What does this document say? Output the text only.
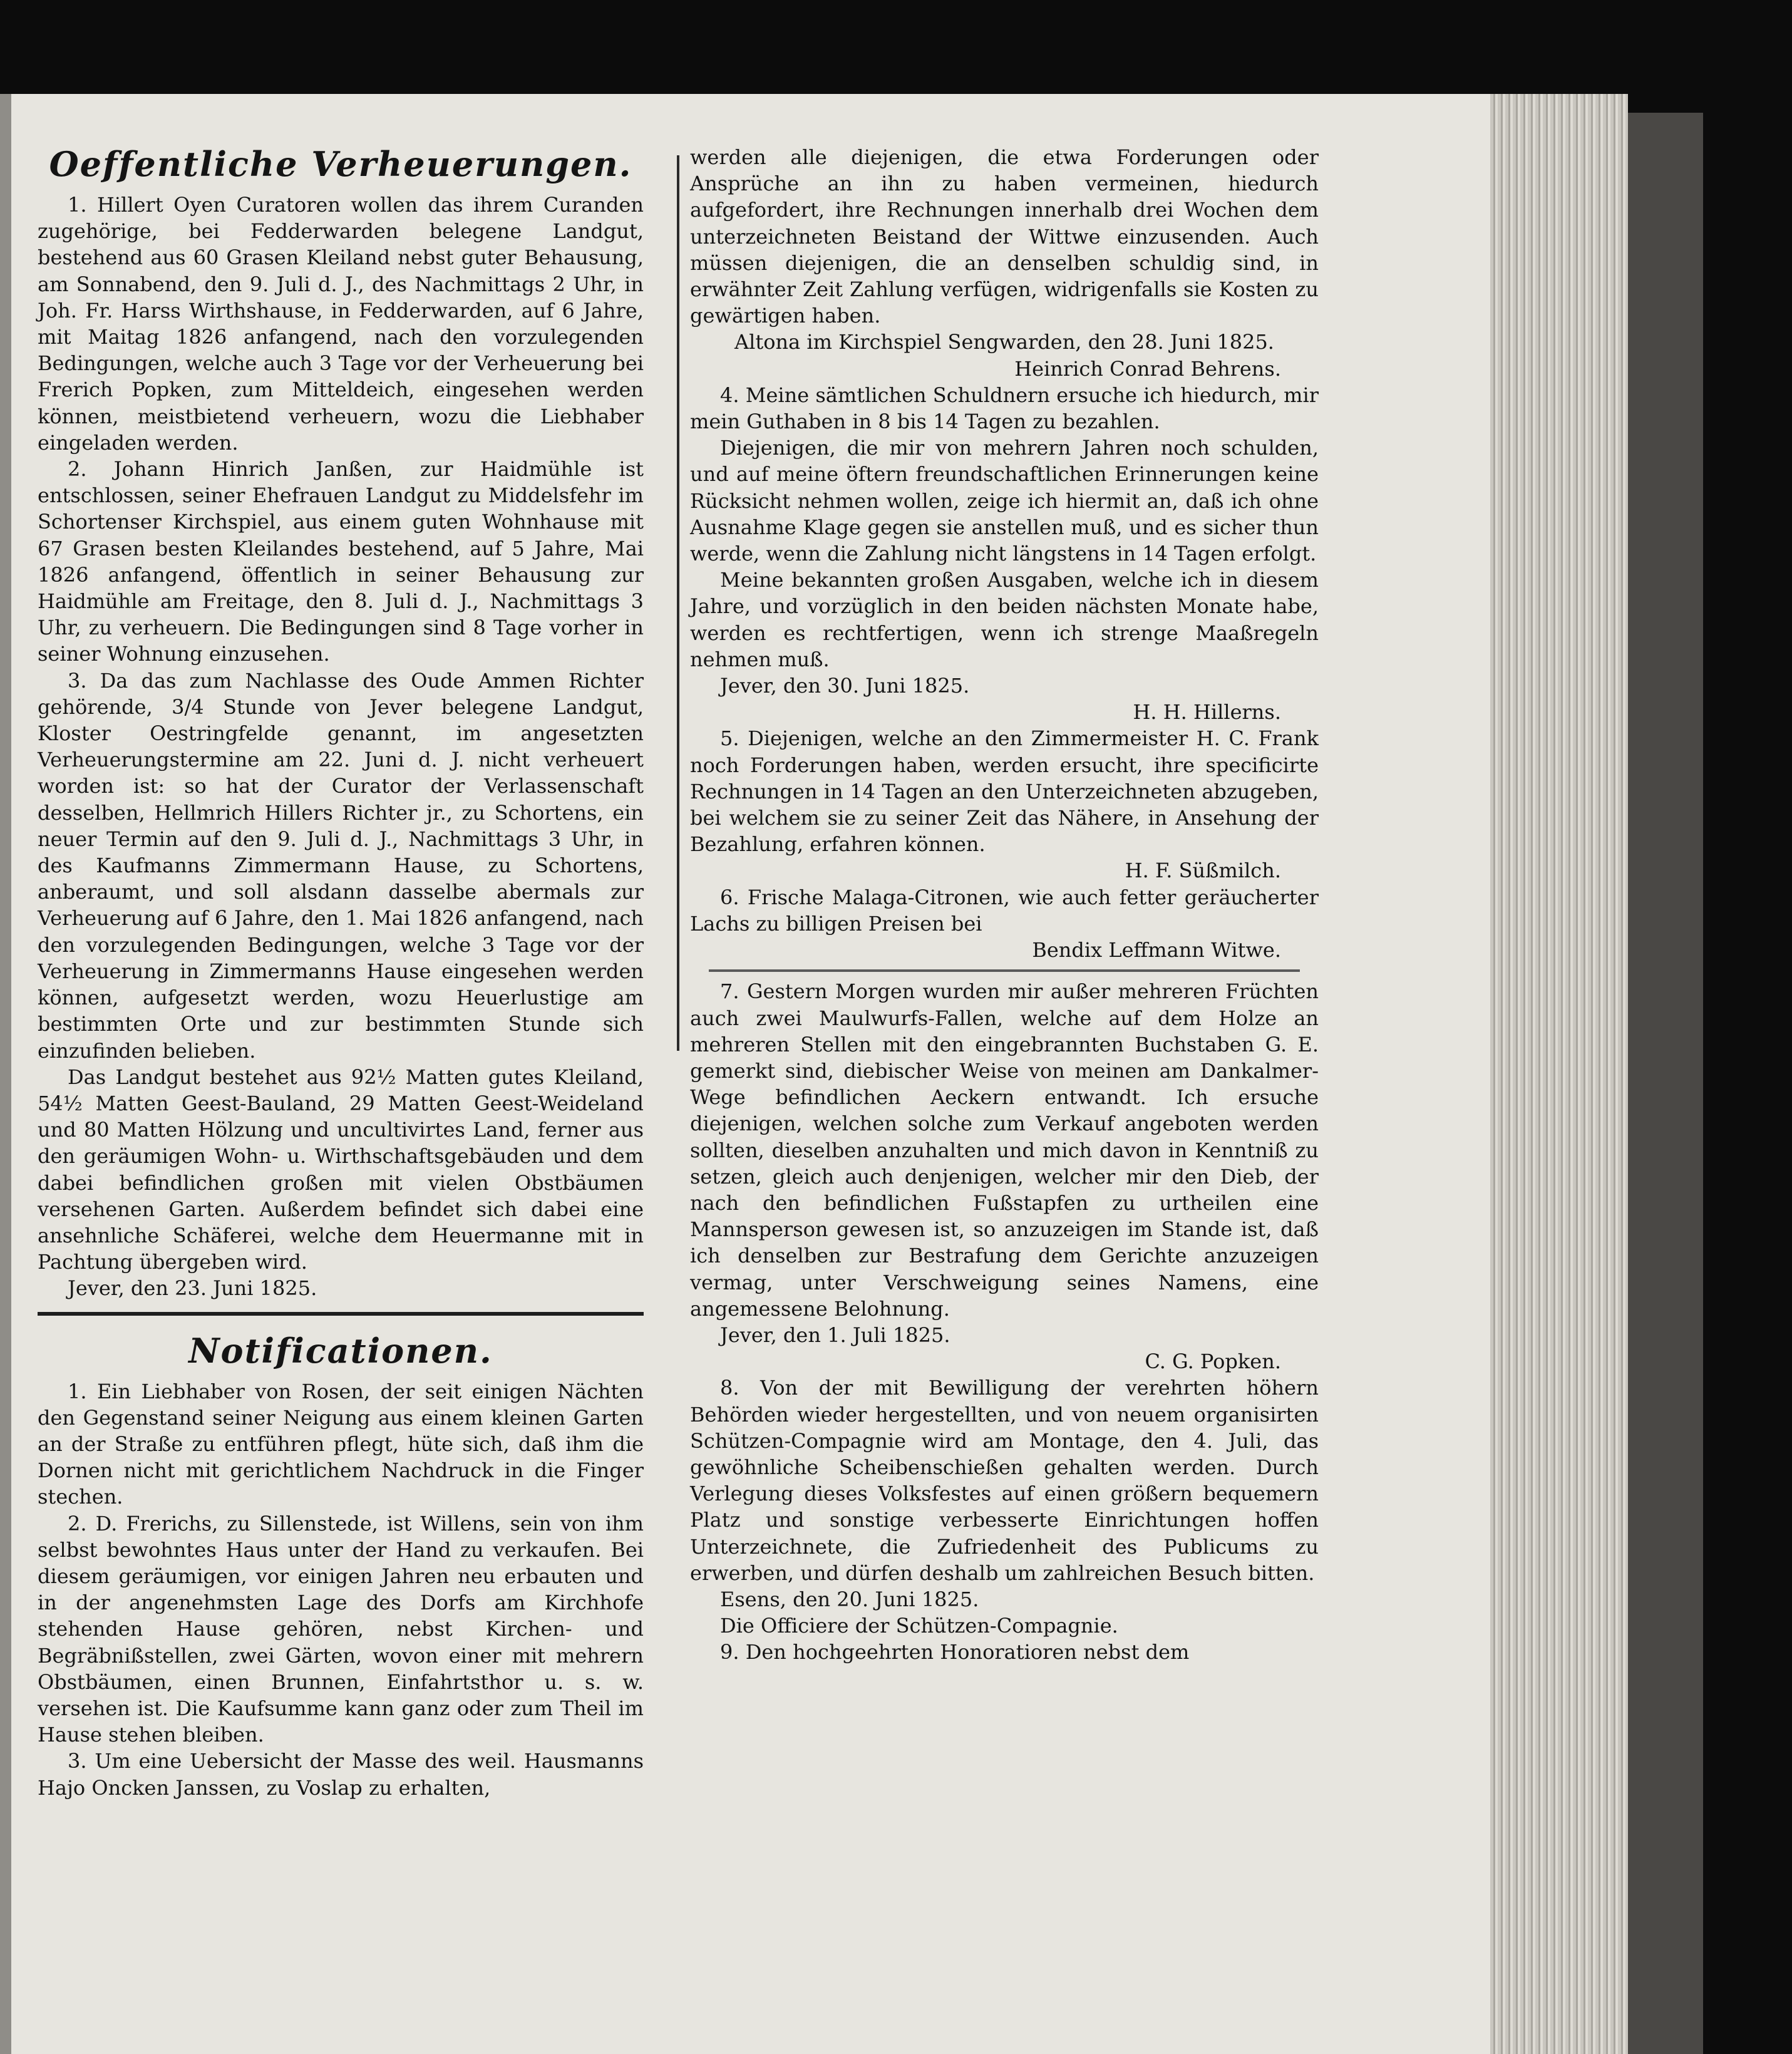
Oeffentliche Verheuerungen.

1. Hillert Oyen Curatoren wollen das ihrem Curanden zugehörige, bei Fedderwarden belegene Landgut, bestehend aus 60 Grasen Kleiland nebst guter Behausung, am Sonnabend, den 9. Juli d. J., des Nachmittags 2 Uhr, in Joh. Fr. Harss Wirthshause, in Fedderwarden, auf 6 Jahre, mit Maitag 1826 anfangend, nach den vorzulegenden Bedingungen, welche auch 3 Tage vor der Verheuerung bei Frerich Popken, zum Mitteldeich, eingesehen werden können, meistbietend verheuern, wozu die Liebhaber eingeladen werden.

2. Johann Hinrich Janßen, zur Haidmühle ist entschlossen, seiner Ehefrauen Landgut zu Middelsfehr im Schortenser Kirchspiel, aus einem guten Wohnhause mit 67 Grasen besten Kleilandes bestehend, auf 5 Jahre, Mai 1826 anfangend, öffentlich in seiner Behausung zur Haidmühle am Freitage, den 8. Juli d. J., Nachmittags 3 Uhr, zu verheuern. Die Bedingungen sind 8 Tage vorher in seiner Wohnung einzusehen.

3. Da das zum Nachlasse des Oude Ammen Richter gehörende, 3/4 Stunde von Jever belegene Landgut, Kloster Oestringfelde genannt, im angesetzten Verheuerungstermine am 22. Juni d. J. nicht verheuert worden ist: so hat der Curator der Verlassenschaft desselben, Hellmrich Hillers Richter jr., zu Schortens, ein neuer Termin auf den 9. Juli d. J., Nachmittags 3 Uhr, in des Kaufmanns Zimmermann Hause, zu Schortens, anberaumt, und soll alsdann dasselbe abermals zur Verheuerung auf 6 Jahre, den 1. Mai 1826 anfangend, nach den vorzulegenden Bedingungen, welche 3 Tage vor der Verheuerung in Zimmermanns Hause eingesehen werden können, aufgesetzt werden, wozu Heuerlustige am bestimmten Orte und zur bestimmten Stunde sich einzufinden belieben.

Das Landgut bestehet aus 92½ Matten gutes Kleiland, 54½ Matten Geest-Bauland, 29 Matten Geest-Weideland und 80 Matten Hölzung und uncultivirtes Land, ferner aus den geräumigen Wohn- u. Wirthschaftsgebäuden und dem dabei befindlichen großen mit vielen Obstbäumen versehenen Garten. Außerdem befindet sich dabei eine ansehnliche Schäferei, welche dem Heuermanne mit in Pachtung übergeben wird.

Jever, den 23. Juni 1825.

Notificationen.

1. Ein Liebhaber von Rosen, der seit einigen Nächten den Gegenstand seiner Neigung aus einem kleinen Garten an der Straße zu entführen pflegt, hüte sich, daß ihm die Dornen nicht mit gerichtlichem Nachdruck in die Finger stechen.

2. D. Frerichs, zu Sillenstede, ist Willens, sein von ihm selbst bewohntes Haus unter der Hand zu verkaufen. Bei diesem geräumigen, vor einigen Jahren neu erbauten und in der angenehmsten Lage des Dorfs am Kirchhofe stehenden Hause gehören, nebst Kirchen- und Begräbnißstellen, zwei Gärten, wovon einer mit mehrern Obstbäumen, einen Brunnen, Einfahrtsthor u. s. w. versehen ist. Die Kaufsumme kann ganz oder zum Theil im Hause stehen bleiben.

3. Um eine Uebersicht der Masse des weil. Hausmanns Hajo Oncken Janssen, zu Voslap zu erhalten,

werden alle diejenigen, die etwa Forderungen oder Ansprüche an ihn zu haben vermeinen, hiedurch aufgefordert, ihre Rechnungen innerhalb drei Wochen dem unterzeichneten Beistand der Wittwe einzusenden. Auch müssen diejenigen, die an denselben schuldig sind, in erwähnter Zeit Zahlung verfügen, widrigenfalls sie Kosten zu gewärtigen haben.

Altona im Kirchspiel Sengwarden, den 28. Juni 1825.

Heinrich Conrad Behrens.

4. Meine sämtlichen Schuldnern ersuche ich hiedurch, mir mein Guthaben in 8 bis 14 Tagen zu bezahlen.

Diejenigen, die mir von mehrern Jahren noch schulden, und auf meine öftern freundschaftlichen Erinnerungen keine Rücksicht nehmen wollen, zeige ich hiermit an, daß ich ohne Ausnahme Klage gegen sie anstellen muß, und es sicher thun werde, wenn die Zahlung nicht längstens in 14 Tagen erfolgt.

Meine bekannten großen Ausgaben, welche ich in diesem Jahre, und vorzüglich in den beiden nächsten Monate habe, werden es rechtfertigen, wenn ich strenge Maaßregeln nehmen muß.

Jever, den 30. Juni 1825.

H. H. Hillerns.

5. Diejenigen, welche an den Zimmermeister H. C. Frank noch Forderungen haben, werden ersucht, ihre specificirte Rechnungen in 14 Tagen an den Unterzeichneten abzugeben, bei welchem sie zu seiner Zeit das Nähere, in Ansehung der Bezahlung, erfahren können.

H. F. Süßmilch.

6. Frische Malaga-Citronen, wie auch fetter geräucherter Lachs zu billigen Preisen bei

Bendix Leffmann Witwe.

7. Gestern Morgen wurden mir außer mehreren Früchten auch zwei Maulwurfs-Fallen, welche auf dem Holze an mehreren Stellen mit den eingebrannten Buchstaben G. E. gemerkt sind, diebischer Weise von meinen am Dankalmer-Wege befindlichen Aeckern entwandt. Ich ersuche diejenigen, welchen solche zum Verkauf angeboten werden sollten, dieselben anzuhalten und mich davon in Kenntniß zu setzen, gleich auch denjenigen, welcher mir den Dieb, der nach den befindlichen Fußstapfen zu urtheilen eine Mannsperson gewesen ist, so anzuzeigen im Stande ist, daß ich denselben zur Bestrafung dem Gerichte anzuzeigen vermag, unter Verschweigung seines Namens, eine angemessene Belohnung.

Jever, den 1. Juli 1825.

C. G. Popken.

8. Von der mit Bewilligung der verehrten höhern Behörden wieder hergestellten, und von neuem organisirten Schützen-Compagnie wird am Montage, den 4. Juli, das gewöhnliche Scheibenschießen gehalten werden. Durch Verlegung dieses Volksfestes auf einen größern bequemern Platz und sonstige verbesserte Einrichtungen hoffen Unterzeichnete, die Zufriedenheit des Publicums zu erwerben, und dürfen deshalb um zahlreichen Besuch bitten.

Esens, den 20. Juni 1825.

Die Officiere der Schützen-Compagnie.

9. Den hochgeehrten Honoratioren nebst dem
